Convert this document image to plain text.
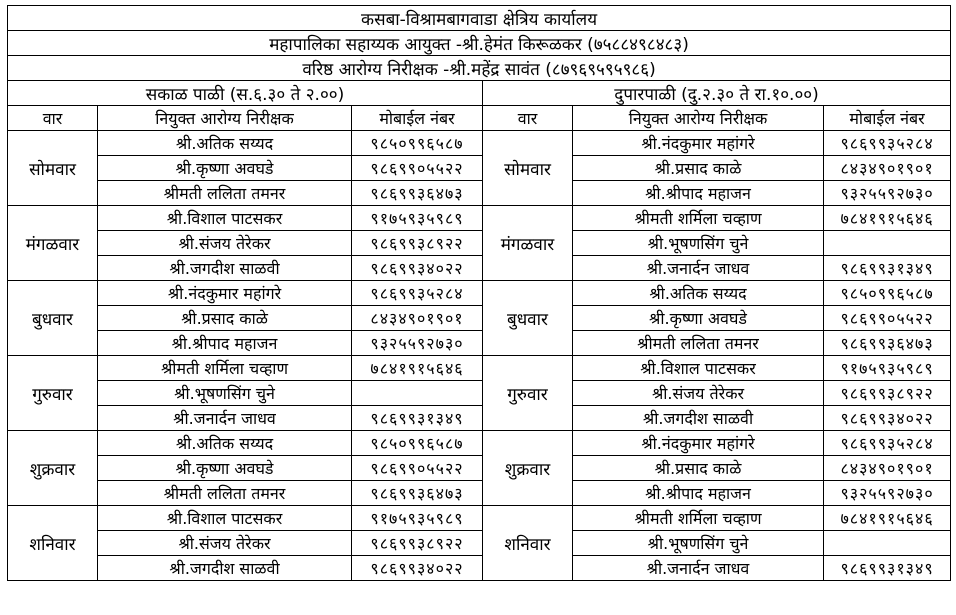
कसबा-विश्रामबागवाडा क्षेत्रिय कार्यालय					
महापालिका सहाय्यक आयुक्त -श्री.हेमंत किरूळकर (७५८८४९८४८३)					
वरिष्ठ आरोग्य निरीक्षक -श्री.महेंद्र सावंत (८७९६९५९५९८६)					
सकाळ पाळी (स.६.३० ते २.००)			दुपारपाळी (दु.२.३० ते रा.१०.००)		
वार	नियुक्त आरोग्य निरीक्षक	मोबाईल नंबर	वार	नियुक्त आरोग्य निरीक्षक	मोबाईल नंबर
सोमवार	श्री.अतिक सय्यद	९८५०९९६५८७	सोमवार	श्री.नंदकुमार महांगरे	९८६९९३५२८४
	श्री.कृष्णा अवघडे	९८६९९०५५२२		श्री.प्रसाद काळे	८४३४९०१९०१
	श्रीमती ललिता तमनर	९८६९९३६४७३		श्री.श्रीपाद महाजन	९३२५५९२७३०
मंगळवार	श्री.विशाल पाटसकर	९१७५९३५९८९	मंगळवार	श्रीमती शर्मिला चव्हाण	७८४१९१५६४६
	श्री.संजय तेरेकर	९८६९९३८९२२		श्री.भूषणसिंग चुने	
	श्री.जगदीश साळवी	९८६९९३४०२२		श्री.जनार्दन जाधव	९८६९९३१३४९
बुधवार	श्री.नंदकुमार महांगरे	९८६९९३५२८४	बुधवार	श्री.अतिक सय्यद	९८५०९९६५८७
	श्री.प्रसाद काळे	८४३४९०१९०१		श्री.कृष्णा अवघडे	९८६९९०५५२२
	श्री.श्रीपाद महाजन	९३२५५९२७३०		श्रीमती ललिता तमनर	९८६९९३६४७३
गुरुवार	श्रीमती शर्मिला चव्हाण	७८४१९१५६४६	गुरुवार	श्री.विशाल पाटसकर	९१७५९३५९८९
	श्री.भूषणसिंग चुने			श्री.संजय तेरेकर	९८६९९३८९२२
	श्री.जनार्दन जाधव	९८६९९३१३४९		श्री.जगदीश साळवी	९८६९९३४०२२
शुक्रवार	श्री.अतिक सय्यद	९८५०९९६५८७	शुक्रवार	श्री.नंदकुमार महांगरे	९८६९९३५२८४
	श्री.कृष्णा अवघडे	९८६९९०५५२२		श्री.प्रसाद काळे	८४३४९०१९०१
	श्रीमती ललिता तमनर	९८६९९३६४७३		श्री.श्रीपाद महाजन	९३२५५९२७३०
शनिवार	श्री.विशाल पाटसकर	९१७५९३५९८९	शनिवार	श्रीमती शर्मिला चव्हाण	७८४१९१५६४६
	श्री.संजय तेरेकर	९८६९९३८९२२		श्री.भूषणसिंग चुने	
	श्री.जगदीश साळवी	९८६९९३४०२२		श्री.जनार्दन जाधव	९८६९९३१३४९
